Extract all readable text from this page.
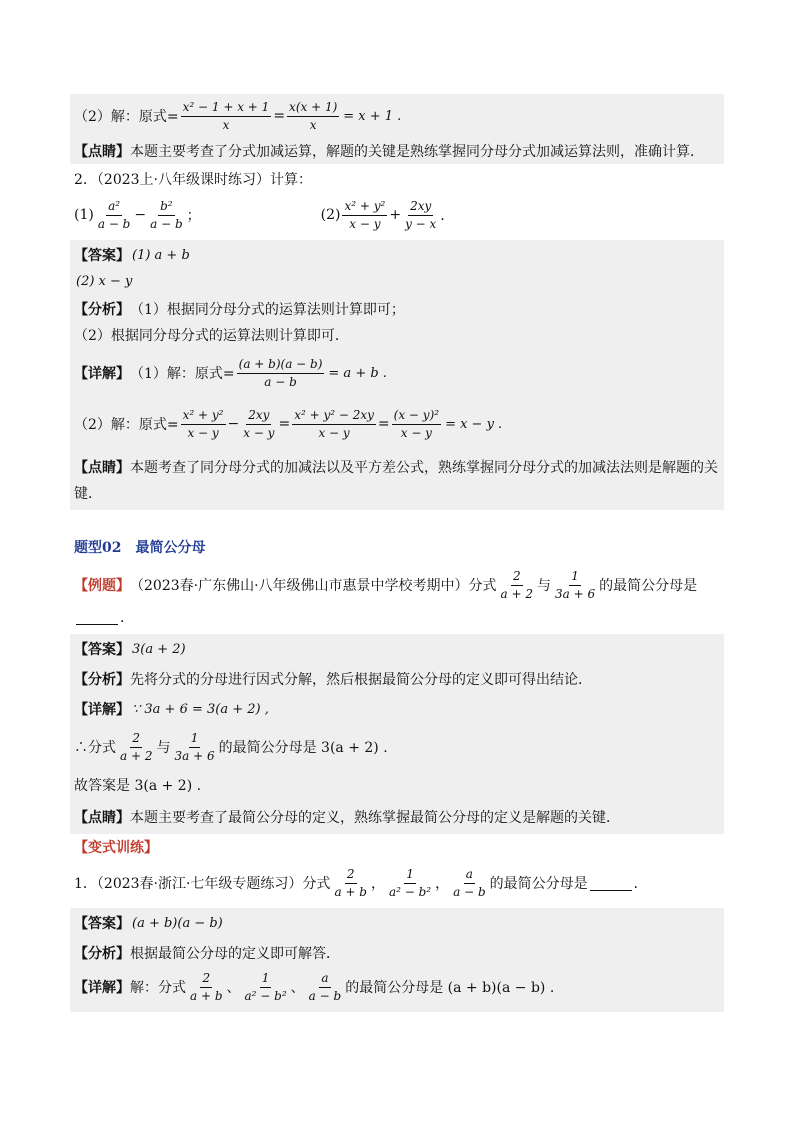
（2）解：原式= $\frac{\text{x² − 1 + x + 1}}{x} = \frac{x(x + 1)}{x} = x + 1$ .
【点睛】 本题主要考查了分式加减运算，解题的关键是熟练掌握同分母分式加减运算法则，准确计算．
2．（2023上·八年级课时练习）计算：
$(1) \frac{\text{a²}}{a - b} - \frac{\text{b²}}{a - b}$ ；	$(2) \frac{\text{x² + y²}}{x - y} + \frac{2xy}{y - x}$ ．
【答案】 (1) a + b
(2) x − y
【分析】 （1）根据同分母分式的运算法则计算即可；
（2）根据同分母分式的运算法则计算即可．
【详解】 （1）解：原式= $\frac{(a + b)(a - b)}{a - b} = a + b$ .
（2）解：原式= $\frac{\text{x² + y²}}{x - y} - \frac{2xy}{x - y} = \frac{\text{x² + y² − 2xy}}{x - y} = \frac{\text{(x − y)²}}{x - y} = x - y$ .
【点睛】 本题考查了同分母分式的加减法以及平方差公式，熟练掌握同分母分式的加减法法则是解题的关
键．
题型02 最简公分母
【例题】 （2023春·广东佛山·八年级佛山市惠景中学校考期中）分式 $\frac{2}{a + 2}$ 与 $\frac{1}{3a + 6}$ 的最简公分母是
．
【答案】 3(a + 2)
【分析】 先将分式的分母进行因式分解，然后根据最简公分母的定义即可得出结论．
【详解】 ∵ 3a + 6 = 3(a + 2) ,
∴分式 $\frac{2}{a + 2}$ 与 $\frac{1}{3a + 6}$ 的最简公分母是 3(a + 2) .
故答案是 3(a + 2) .
【点睛】 本题主要考查了最简公分母的定义，熟练掌握最简公分母的定义是解题的关键．
【变式训练】
1．（2023春·浙江·七年级专题练习）分式 $\frac{2}{a + b}$ ， $\frac{1}{\text{a² − b²}}$ ， $\frac{a}{a - b}$ 的最简公分母是	．
【答案】 (a + b)(a − b)
【分析】 根据最简公分母的定义即可解答．
【详解】 解：分式 $\frac{2}{a + b}$ 、 $\frac{1}{\text{a² − b²}}$ 、 $\frac{a}{a - b}$ 的最简公分母是 (a + b)(a − b) .
